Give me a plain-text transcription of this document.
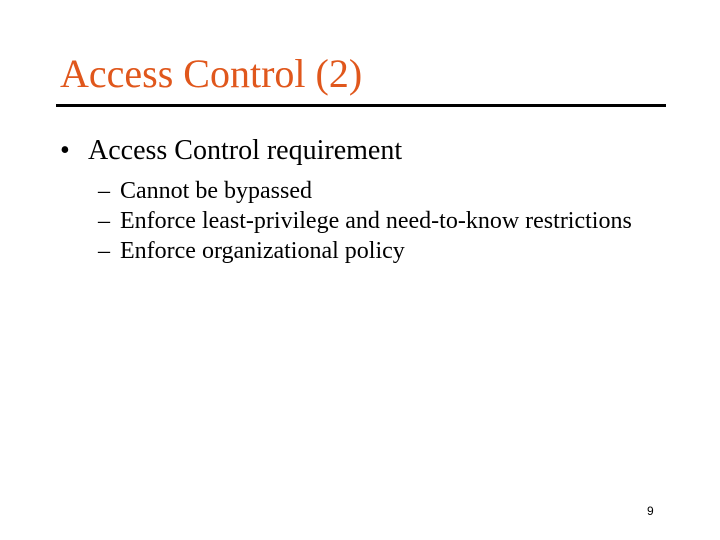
Access Control (2)
• Access Control requirement
– Cannot be bypassed
– Enforce least-privilege and need-to-know restrictions
– Enforce organizational policy
9
